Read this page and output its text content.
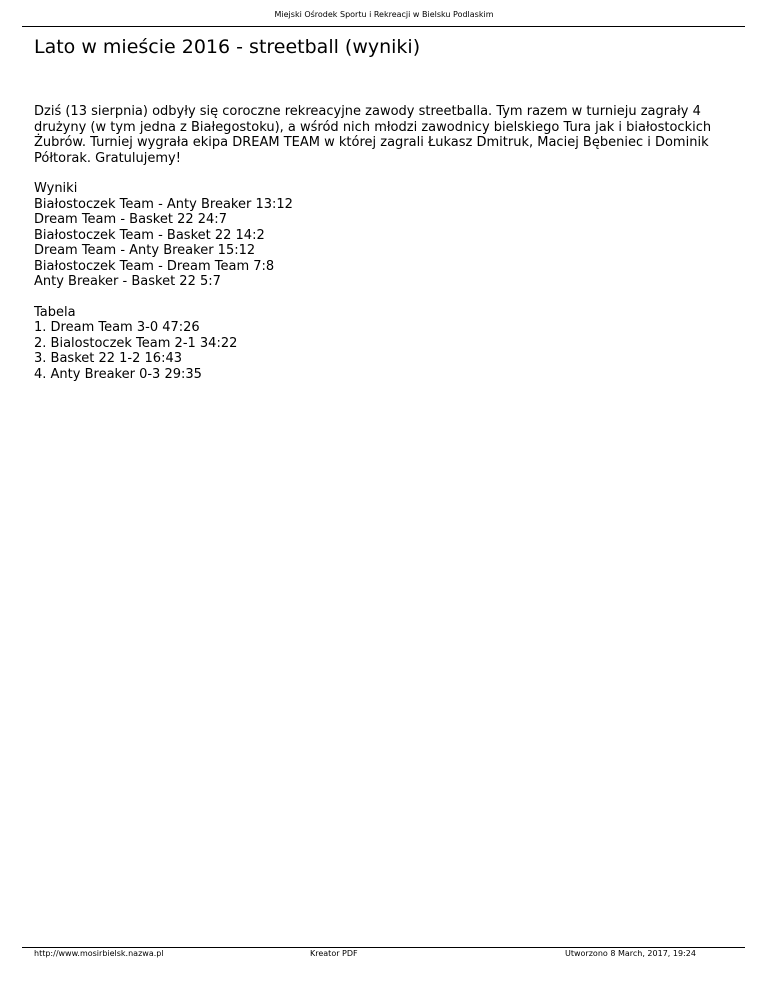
Miejski Ośrodek Sportu i Rekreacji w Bielsku Podlaskim
Lato w mieście 2016 - streetball (wyniki)

Dziś (13 sierpnia) odbyły się coroczne rekreacyjne zawody streetballa. Tym razem w turnieju zagrały 4
drużyny (w tym jedna z Białegostoku), a wśród nich młodzi zawodnicy bielskiego Tura jak i białostockich
Żubrów. Turniej wygrała ekipa DREAM TEAM w której zagrali Łukasz Dmitruk, Maciej Bębeniec i Dominik
Półtorak. Gratulujemy!

Wyniki
Białostoczek Team - Anty Breaker 13:12
Dream Team - Basket 22 24:7
Białostoczek Team - Basket 22 14:2
Dream Team - Anty Breaker 15:12
Białostoczek Team - Dream Team 7:8
Anty Breaker - Basket 22 5:7
Tabela
1. Dream Team 3-0 47:26
2. Bialostoczek Team 2-1 34:22
3. Basket 22 1-2 16:43
4. Anty Breaker 0-3 29:35
http://www.mosirbielsk.nazwa.pl	Kreator PDF	Utworzono 8 March, 2017, 19:24
